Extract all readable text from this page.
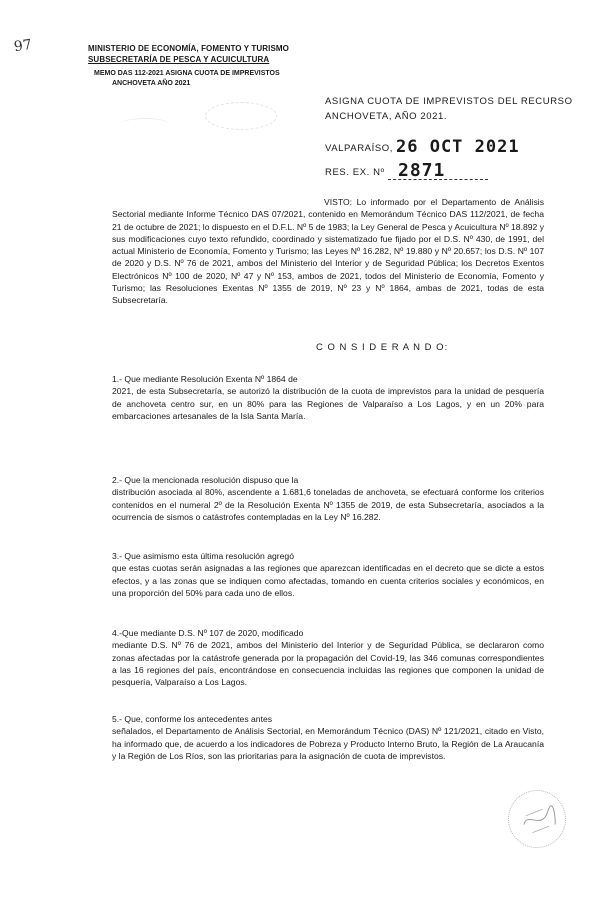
97	MINISTERIO DE ECONOMÍA, FOMENTO Y TURISMO
SUBSECRETARÍA DE PESCA Y ACUICULTURA
MEMO DAS 112-2021 ASIGNA CUOTA DE IMPREVISTOS
ANCHOVETA AÑO 2021
ASIGNA CUOTA DE IMPREVISTOS DEL RECURSO
ANCHOVETA, AÑO 2021.
VALPARAÍSO, 26 OCT 2021
RES. EX. Nº 2871
VISTO: Lo informado por el Departamento de Análisis Sectorial mediante Informe Técnico DAS 07/2021, contenido en Memorándum Técnico DAS 112/2021, de fecha 21 de octubre de 2021; lo dispuesto en el D.F.L. Nº 5 de 1983; la Ley General de Pesca y Acuicultura Nº 18.892 y sus modificaciones cuyo texto refundido, coordinado y sistematizado fue fijado por el D.S. Nº 430, de 1991, del actual Ministerio de Economía, Fomento y Turismo; las Leyes Nº 16.282, Nº 19.880 y Nº 20.657; los D.S. Nº 107 de 2020 y D.S. Nº 76 de 2021, ambos del Ministerio del Interior y de Seguridad Pública; los Decretos Exentos Electrónicos Nº 100 de 2020, Nº 47 y Nº 153, ambos de 2021, todos del Ministerio de Economía, Fomento y Turismo; las Resoluciones Exentas Nº 1355 de 2019, Nº 23 y Nº 1864, ambas de 2021, todas de esta Subsecretaría.
C O N S I D E R A N D O:
1.- Que mediante Resolución Exenta Nº 1864 de
2021, de esta Subsecretaría, se autorizó la distribución de la cuota de imprevistos para la unidad de pesquería de anchoveta centro sur, en un 80% para las Regiones de Valparaíso a Los Lagos, y en un 20% para embarcaciones artesanales de la Isla Santa María.
2.- Que la mencionada resolución dispuso que la
distribución asociada al 80%, ascendente a 1.681,6 toneladas de anchoveta, se efectuará conforme los criterios contenidos en el numeral 2º de la Resolución Exenta Nº 1355 de 2019, de esta Subsecretaría, asociados a la ocurrencia de sismos o catástrofes contempladas en la Ley Nº 16.282.
3.- Que asimismo esta última resolución agregó
que estas cuotas serán asignadas a las regiones que aparezcan identificadas en el decreto que se dicte a estos efectos, y a las zonas que se indiquen como afectadas, tomando en cuenta criterios sociales y económicos, en una proporción del 50% para cada uno de ellos.
4.-Que mediante D.S. Nº 107 de 2020, modificado
mediante D.S. Nº 76 de 2021, ambos del Ministerio del Interior y de Seguridad Pública, se declararon como zonas afectadas por la catástrofe generada por la propagación del Covid-19, las 346 comunas correspondientes a las 16 regiones del país, encontrándose en consecuencia incluidas las regiones que componen la unidad de pesquería, Valparaíso a Los Lagos.
5.- Que, conforme los antecedentes antes
señalados, el Departamento de Análisis Sectorial, en Memorándum Técnico (DAS) Nº 121/2021, citado en Visto, ha informado que, de acuerdo a los indicadores de Pobreza y Producto Interno Bruto, la Región de La Araucanía y la Región de Los Ríos, son las prioritarias para la asignación de cuota de imprevistos.
